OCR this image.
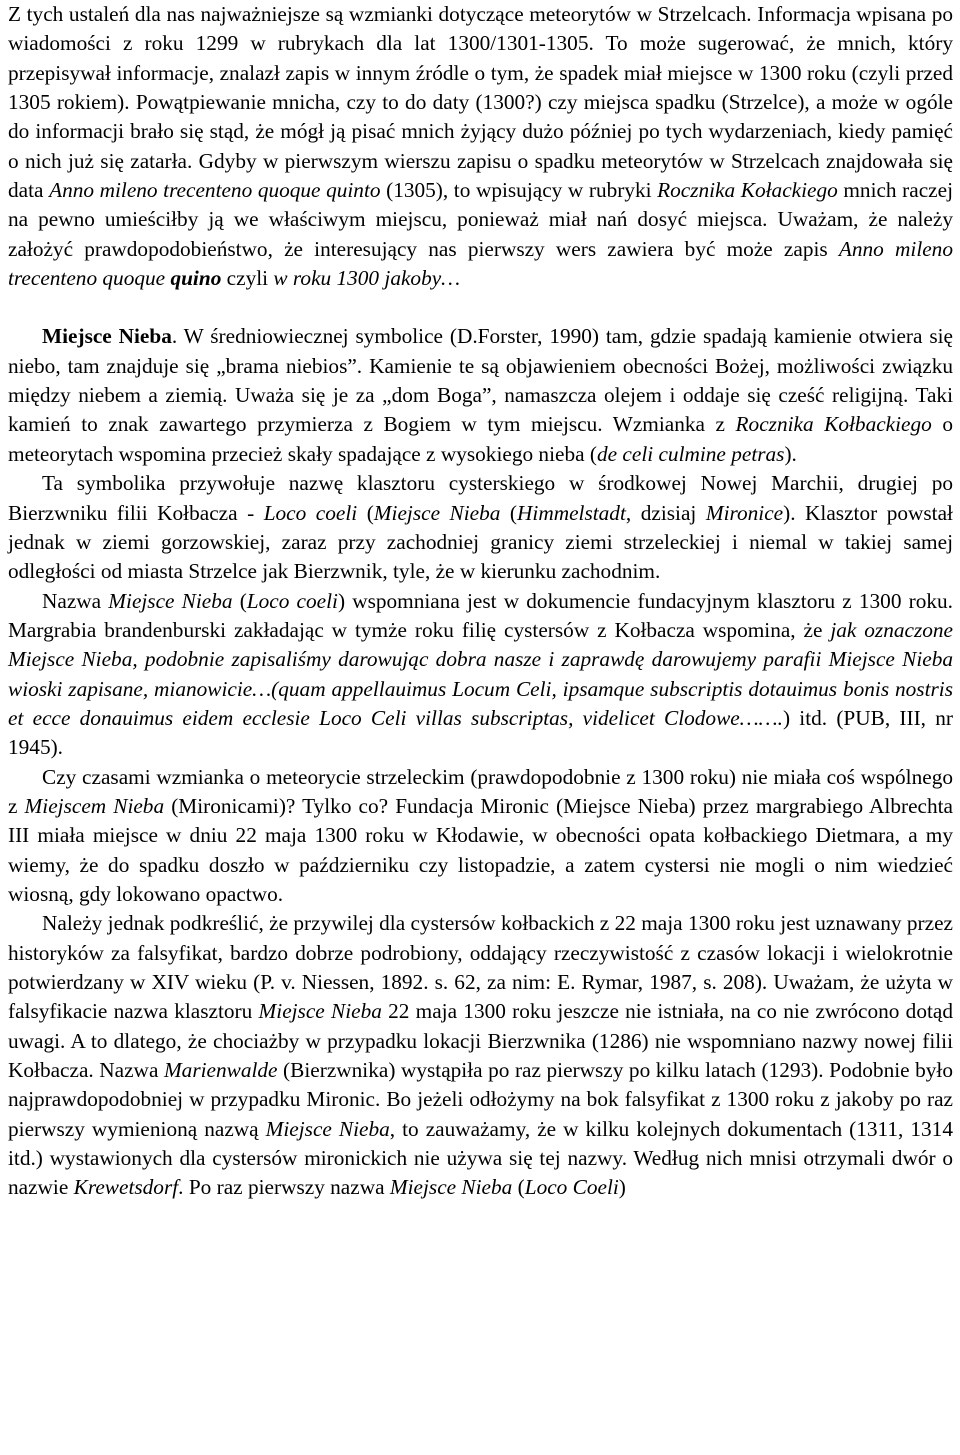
Z tych ustaleń dla nas najważniejsze są wzmianki dotyczące meteorytów w Strzelcach. Informacja wpisana po wiadomości z roku 1299 w rubrykach dla lat 1300/1301-1305. To może sugerować, że mnich, który przepisywał informacje, znalazł zapis w innym źródle o tym, że spadek miał miejsce w 1300 roku (czyli przed 1305 rokiem). Powątpiewanie mnicha, czy to do daty (1300?) czy miejsca spadku (Strzelce), a może w ogóle do informacji brało się stąd, że mógł ją pisać mnich żyjący dużo później po tych wydarzeniach, kiedy pamięć o nich już się zatarła. Gdyby w pierwszym wierszu zapisu o spadku meteorytów w Strzelcach znajdowała się data Anno mileno trecenteno quoque quinto (1305), to wpisujący w rubryki Rocznika Kołackiego mnich raczej na pewno umieściłby ją we właściwym miejscu, ponieważ miał nań dosyć miejsca. Uważam, że należy założyć prawdopodobieństwo, że interesujący nas pierwszy wers zawiera być może zapis Anno mileno trecenteno quoque quino czyli w roku 1300 jakoby…

Miejsce Nieba. W średniowiecznej symbolice (D.Forster, 1990) tam, gdzie spadają kamienie otwiera się niebo, tam znajduje się „brama niebios”. Kamienie te są objawieniem obecności Bożej, możliwości związku między niebem a ziemią. Uważa się je za „dom Boga”, namaszcza olejem i oddaje się cześć religijną. Taki kamień to znak zawartego przymierza z Bogiem w tym miejscu. Wzmianka z Rocznika Kołbackiego o meteorytach wspomina przecież skały spadające z wysokiego nieba (de celi culmine petras).

Ta symbolika przywołuje nazwę klasztoru cysterskiego w środkowej Nowej Marchii, drugiej po Bierzwniku filii Kołbacza - Loco coeli (Miejsce Nieba (Himmelstadt, dzisiaj Mironice). Klasztor powstał jednak w ziemi gorzowskiej, zaraz przy zachodniej granicy ziemi strzeleckiej i niemal w takiej samej odległości od miasta Strzelce jak Bierzwnik, tyle, że w kierunku zachodnim.

Nazwa Miejsce Nieba (Loco coeli) wspomniana jest w dokumencie fundacyjnym klasztoru z 1300 roku. Margrabia brandenburski zakładając w tymże roku filię cystersów z Kołbacza wspomina, że jak oznaczone Miejsce Nieba, podobnie zapisaliśmy darowując dobra nasze i zaprawdę darowujemy parafii Miejsce Nieba wioski zapisane, mianowicie…(quam appellauimus Locum Celi, ipsamque subscriptis dotauimus bonis nostris et ecce donauimus eidem ecclesie Loco Celi villas subscriptas, videlicet Clodowe…….) itd. (PUB, III, nr 1945).

Czy czasami wzmianka o meteorycie strzeleckim (prawdopodobnie z 1300 roku) nie miała coś wspólnego z Miejscem Nieba (Mironicami)? Tylko co? Fundacja Mironic (Miejsce Nieba) przez margrabiego Albrechta III miała miejsce w dniu 22 maja 1300 roku w Kłodawie, w obecności opata kołbackiego Dietmara, a my wiemy, że do spadku doszło w październiku czy listopadzie, a zatem cystersi nie mogli o nim wiedzieć wiosną, gdy lokowano opactwo.

Należy jednak podkreślić, że przywilej dla cystersów kołbackich z 22 maja 1300 roku jest uznawany przez historyków za falsyfikat, bardzo dobrze podrobiony, oddający rzeczywistość z czasów lokacji i wielokrotnie potwierdzany w XIV wieku (P. v. Niessen, 1892. s. 62, za nim: E. Rymar, 1987, s. 208). Uważam, że użyta w falsyfikacie nazwa klasztoru Miejsce Nieba 22 maja 1300 roku jeszcze nie istniała, na co nie zwrócono dotąd uwagi. A to dlatego, że chociażby w przypadku lokacji Bierzwnika (1286) nie wspomniano nazwy nowej filii Kołbacza. Nazwa Marienwalde (Bierzwnika) wystąpiła po raz pierwszy po kilku latach (1293). Podobnie było najprawdopodobniej w przypadku Mironic. Bo jeżeli odłożymy na bok falsyfikat z 1300 roku z jakoby po raz pierwszy wymienioną nazwą Miejsce Nieba, to zauważamy, że w kilku kolejnych dokumentach (1311, 1314 itd.) wystawionych dla cystersów mironickich nie używa się tej nazwy. Według nich mnisi otrzymali dwór o nazwie Krewetsdorf. Po raz pierwszy nazwa Miejsce Nieba (Loco Coeli)
